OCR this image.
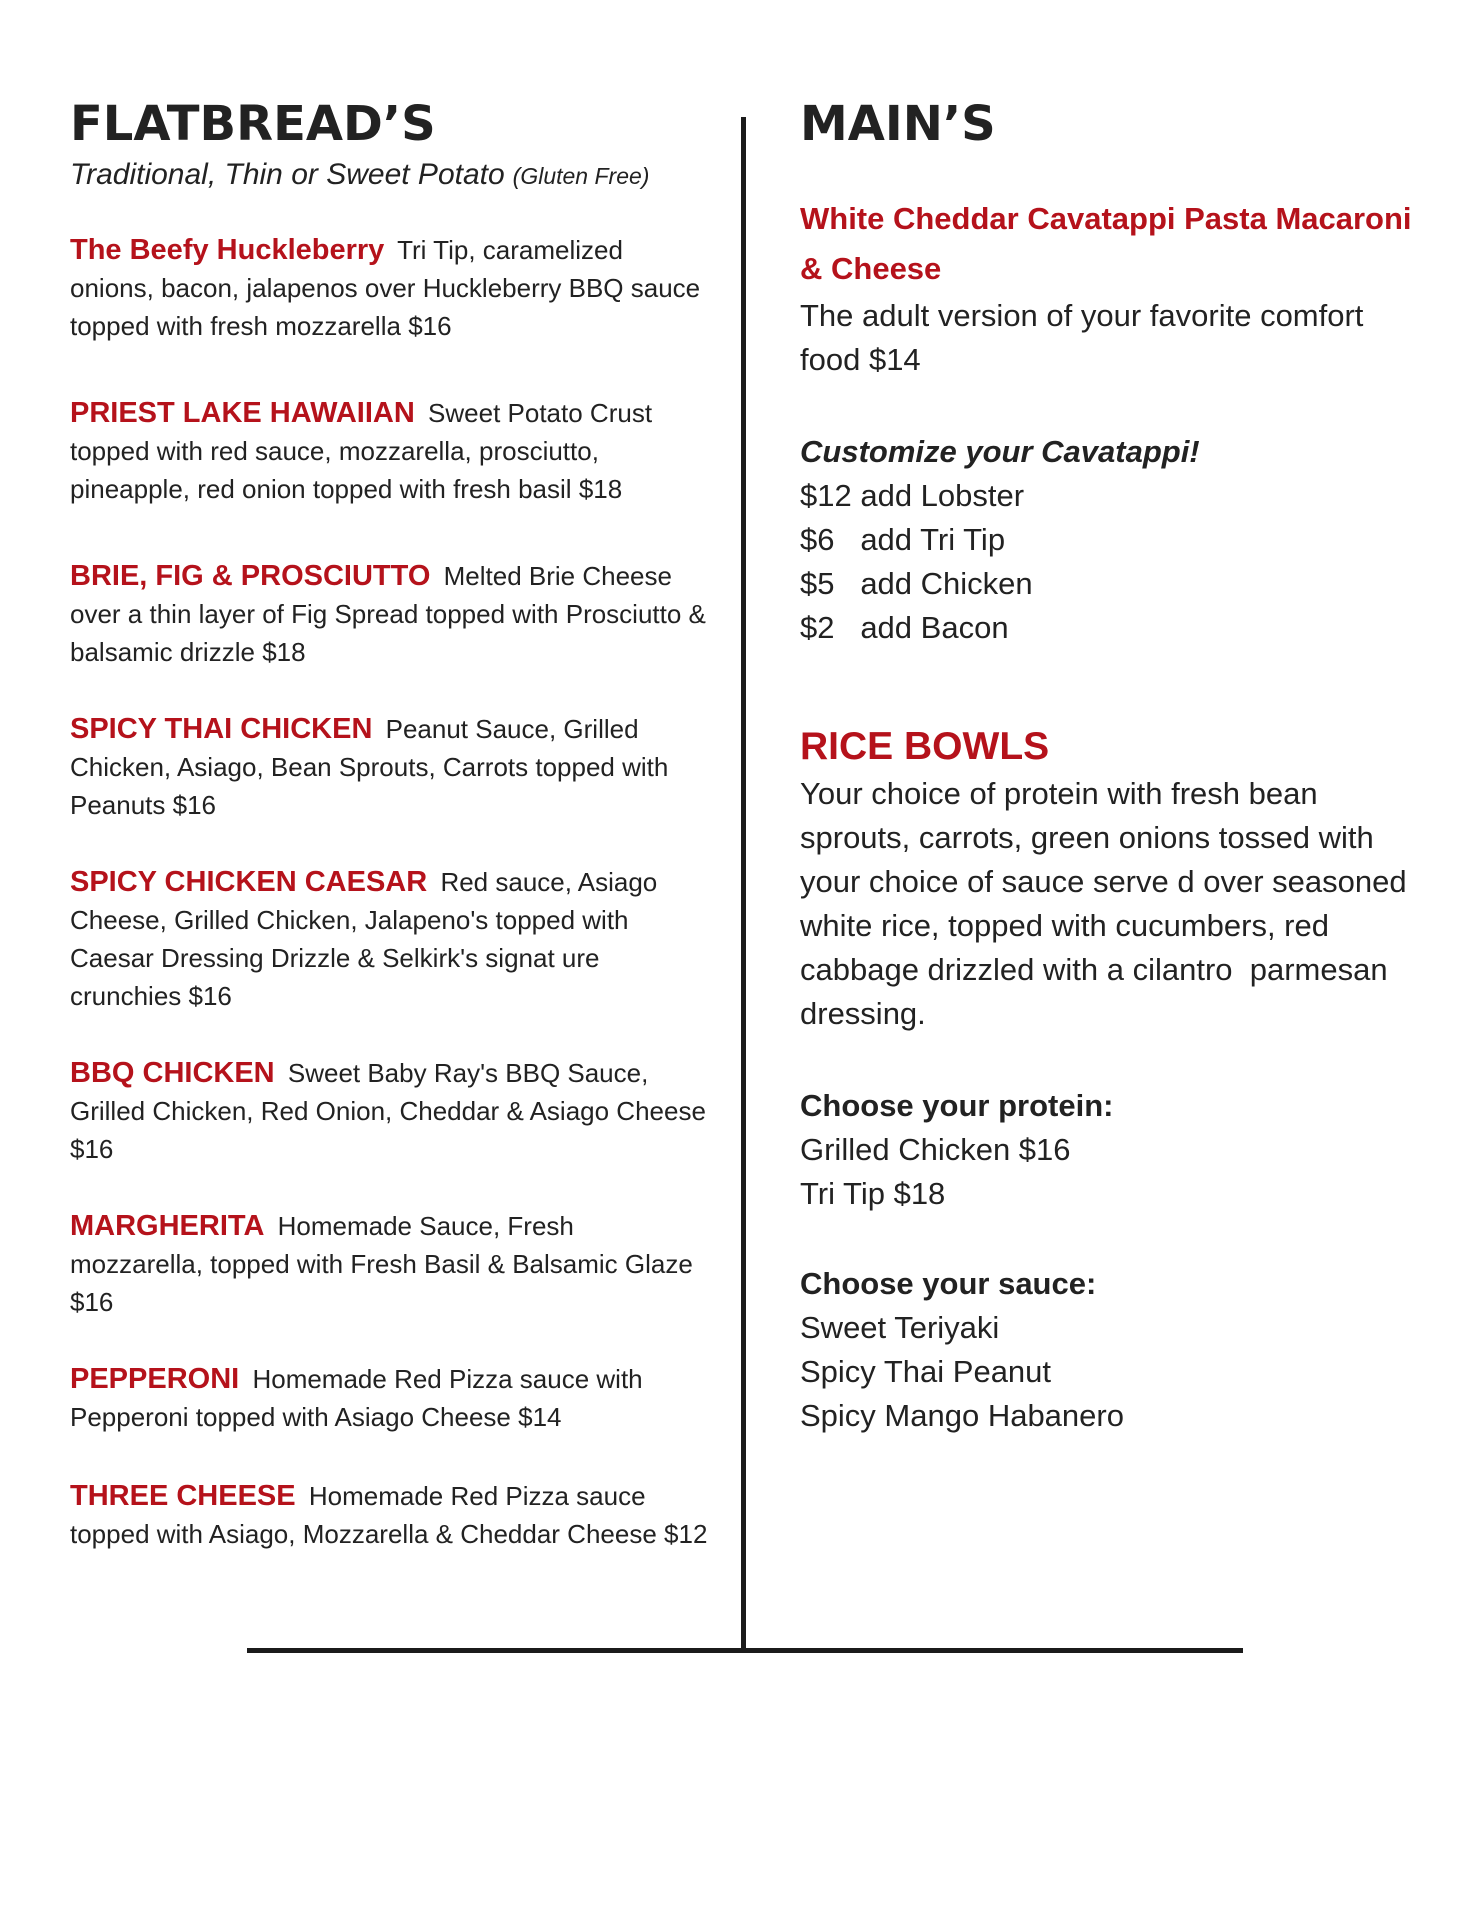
FLATBREAD’S
Traditional, Thin or Sweet Potato (Gluten Free)
The Beefy Huckleberry Tri Tip, caramelized onions, bacon, jalapenos over Huckleberry BBQ sauce topped with fresh mozzarella $16
PRIEST LAKE HAWAIIAN Sweet Potato Crust topped with red sauce, mozzarella, prosciutto, pineapple, red onion topped with fresh basil $18
BRIE, FIG & PROSCIUTTO Melted Brie Cheese over a thin layer of Fig Spread topped with Prosciutto & balsamic drizzle $18
SPICY THAI CHICKEN Peanut Sauce, Grilled Chicken, Asiago, Bean Sprouts, Carrots topped with Peanuts $16
SPICY CHICKEN CAESAR Red sauce, Asiago Cheese, Grilled Chicken, Jalapeno's topped with Caesar Dressing Drizzle & Selkirk's signat ure crunchies $16
BBQ CHICKEN Sweet Baby Ray's BBQ Sauce, Grilled Chicken, Red Onion, Cheddar & Asiago Cheese $16
MARGHERITA Homemade Sauce, Fresh mozzarella, topped with Fresh Basil & Balsamic Glaze $16
PEPPERONI Homemade Red Pizza sauce with Pepperoni topped with Asiago Cheese $14
THREE CHEESE Homemade Red Pizza sauce topped with Asiago, Mozzarella & Cheddar Cheese $12
MAIN’S
White Cheddar Cavatappi Pasta Macaroni
& Cheese
The adult version of your favorite comfort
food $14
Customize your Cavatappi!
$12 add Lobster
$6   add Tri Tip
$5   add Chicken
$2   add Bacon
RICE BOWLS
Your choice of protein with fresh bean
sprouts, carrots, green onions tossed with
your choice of sauce serve d over seasoned
white rice, topped with cucumbers, red
cabbage drizzled with a cilantro  parmesan
dressing.
Choose your protein:
Grilled Chicken $16
Tri Tip $18
Choose your sauce:
Sweet Teriyaki
Spicy Thai Peanut
Spicy Mango Habanero
